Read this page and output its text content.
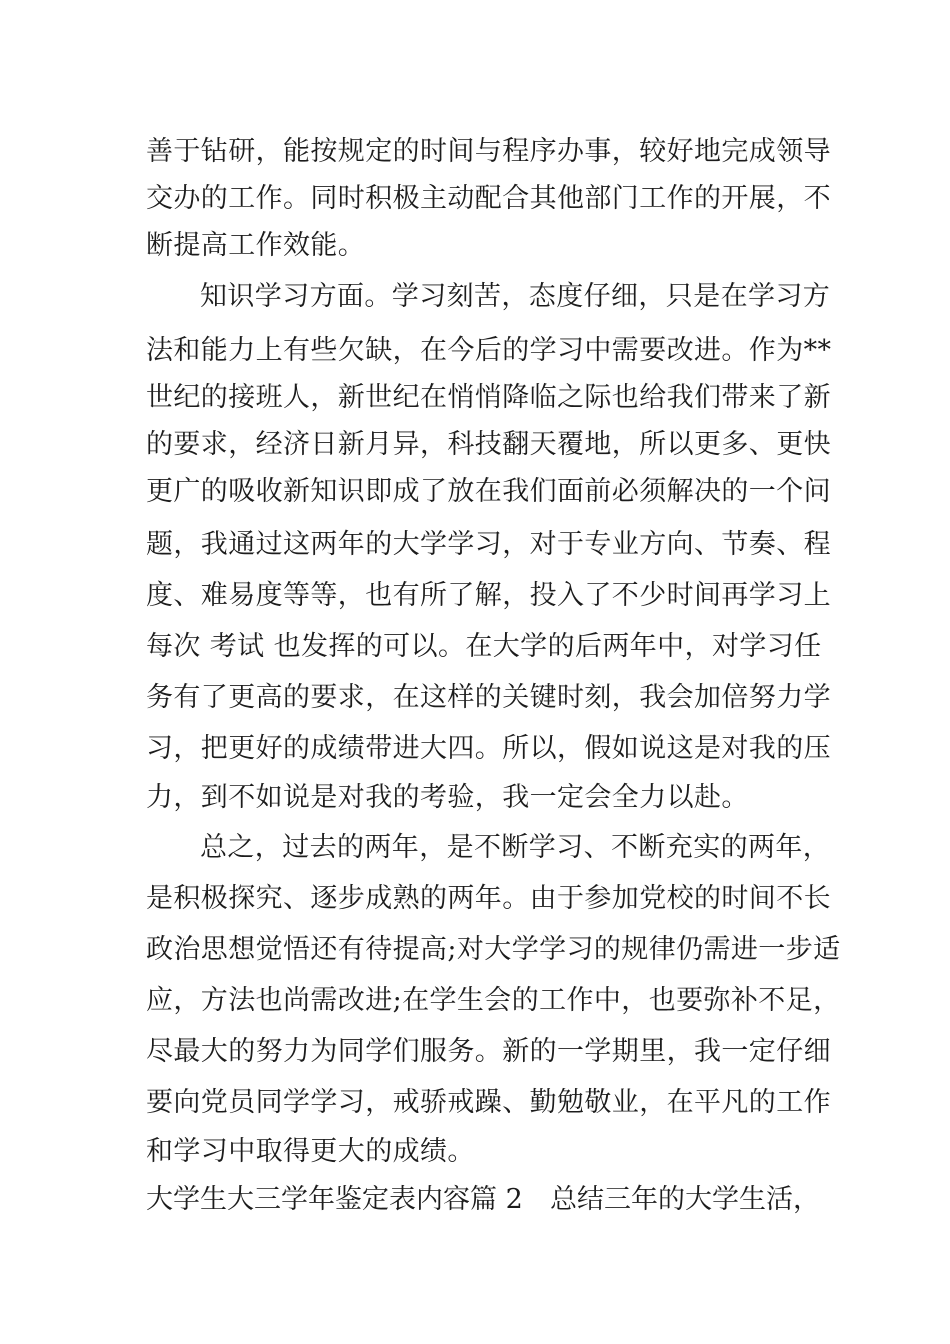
善于钻研，能按规定的时间与程序办事，较好地完成领导
交办的工作。同时积极主动配合其他部门工作的开展，不
断提高工作效能。
知识学习方面。学习刻苦，态度仔细，只是在学习方
法和能力上有些欠缺，在今后的学习中需要改进。作为**
世纪的接班人，新世纪在悄悄降临之际也给我们带来了新
的要求，经济日新月异，科技翻天覆地，所以更多、更快
更广的吸收新知识即成了放在我们面前必须解决的一个问
题，我通过这两年的大学学习，对于专业方向、节奏、程
度、难易度等等，也有所了解，投入了不少时间再学习上
每次 考试 也发挥的可以。在大学的后两年中，对学习任
务有了更高的要求，在这样的关键时刻，我会加倍努力学
习，把更好的成绩带进大四。所以，假如说这是对我的压
力，到不如说是对我的考验，我一定会全力以赴。
总之，过去的两年，是不断学习、不断充实的两年，
是积极探究、逐步成熟的两年。由于参加党校的时间不长
政治思想觉悟还有待提高;对大学学习的规律仍需进一步适
应，方法也尚需改进;在学生会的工作中，也要弥补不足，
尽最大的努力为同学们服务。新的一学期里，我一定仔细
要向党员同学学习，戒骄戒躁、勤勉敬业，在平凡的工作
和学习中取得更大的成绩。
大学生大三学年鉴定表内容篇 2 总结三年的大学生活，
